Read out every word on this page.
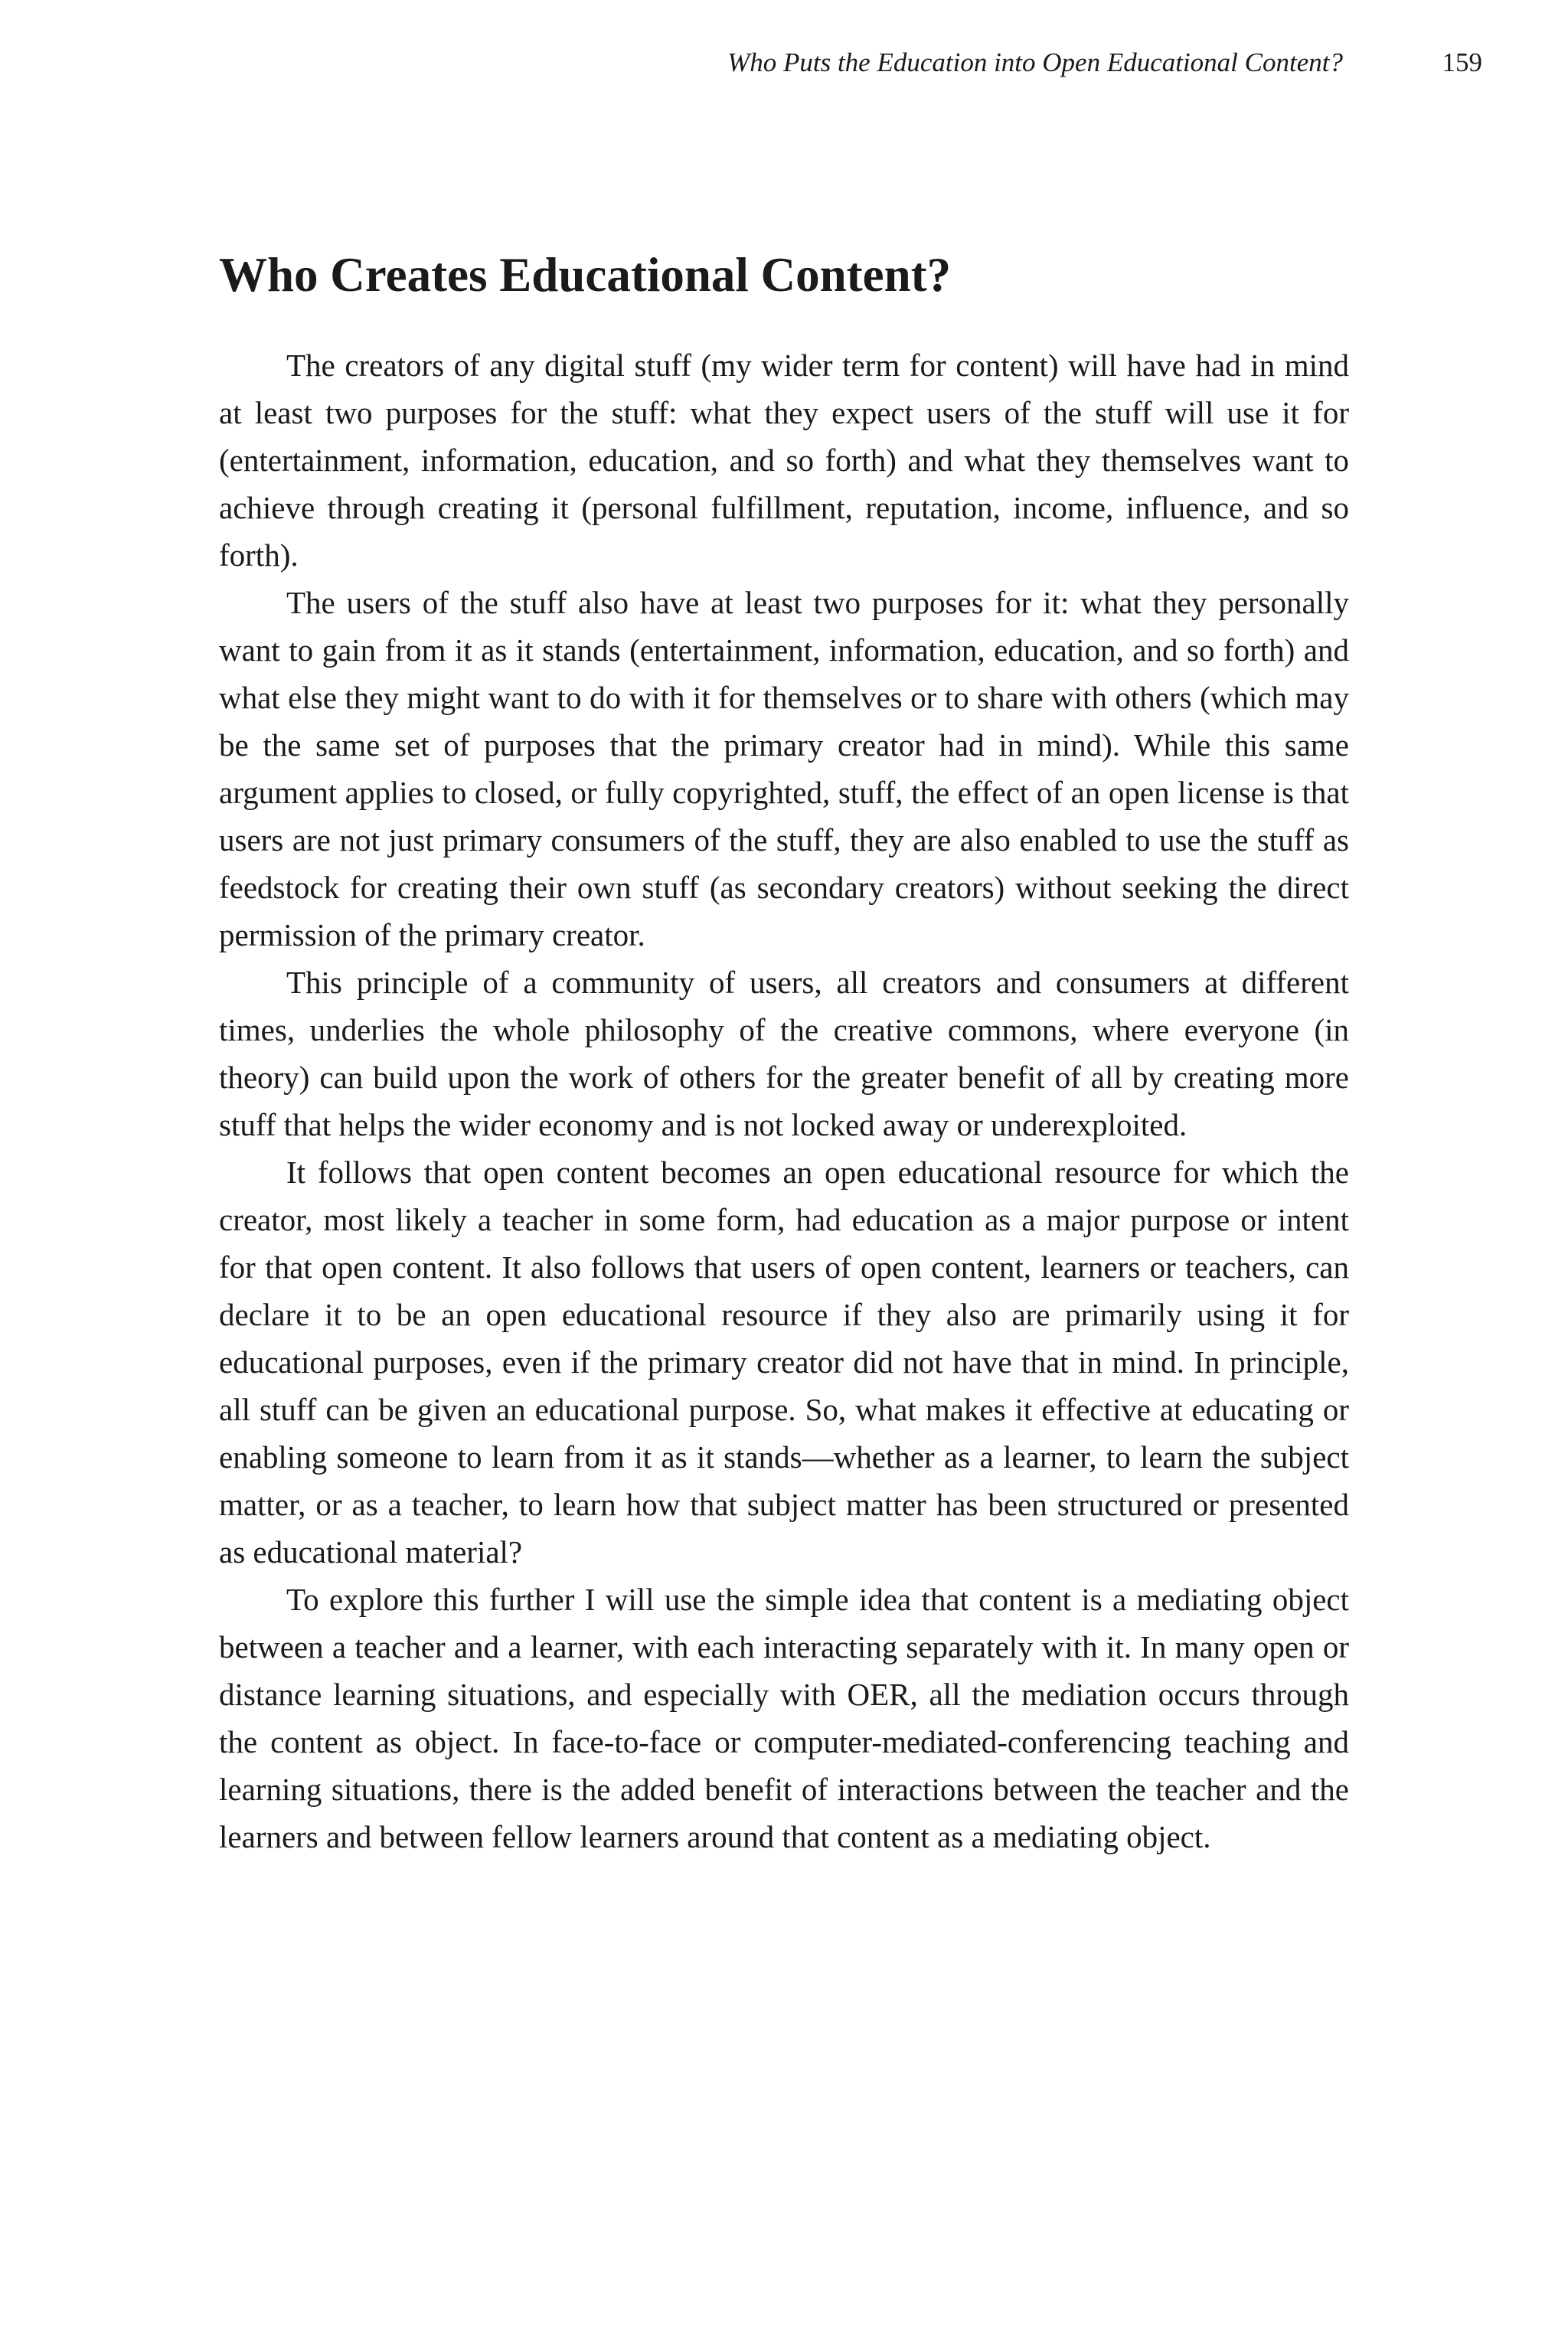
Who Puts the Education into Open Educational Content?	159
Who Creates Educational Content?

The creators of any digital stuff (my wider term for content) will have had in mind at least two purposes for the stuff: what they expect users of the stuff will use it for (entertainment, information, education, and so forth) and what they themselves want to achieve through creating it (personal fulfillment, reputation, income, influence, and so forth).

The users of the stuff also have at least two purposes for it: what they personally want to gain from it as it stands (entertainment, information, education, and so forth) and what else they might want to do with it for themselves or to share with others (which may be the same set of purposes that the primary creator had in mind). While this same argument applies to closed, or fully copyrighted, stuff, the effect of an open license is that users are not just primary consumers of the stuff, they are also enabled to use the stuff as feedstock for creating their own stuff (as secondary creators) without seeking the direct permission of the primary creator.

This principle of a community of users, all creators and consumers at different times, underlies the whole philosophy of the creative commons, where everyone (in theory) can build upon the work of others for the greater benefit of all by creating more stuff that helps the wider economy and is not locked away or underexploited.

It follows that open content becomes an open educational resource for which the creator, most likely a teacher in some form, had education as a major purpose or intent for that open content. It also follows that users of open content, learners or teachers, can declare it to be an open educational resource if they also are primarily using it for educational purposes, even if the primary creator did not have that in mind. In principle, all stuff can be given an educational purpose. So, what makes it effective at educating or enabling someone to learn from it as it stands—whether as a learner, to learn the subject matter, or as a teacher, to learn how that subject matter has been structured or presented as educational material?

To explore this further I will use the simple idea that content is a mediating object between a teacher and a learner, with each interacting separately with it. In many open or distance learning situations, and especially with OER, all the mediation occurs through the content as object. In face-to-face or computer-mediated-conferencing teaching and learning situations, there is the added benefit of interactions between the teacher and the learners and between fellow learners around that content as a mediating object.
